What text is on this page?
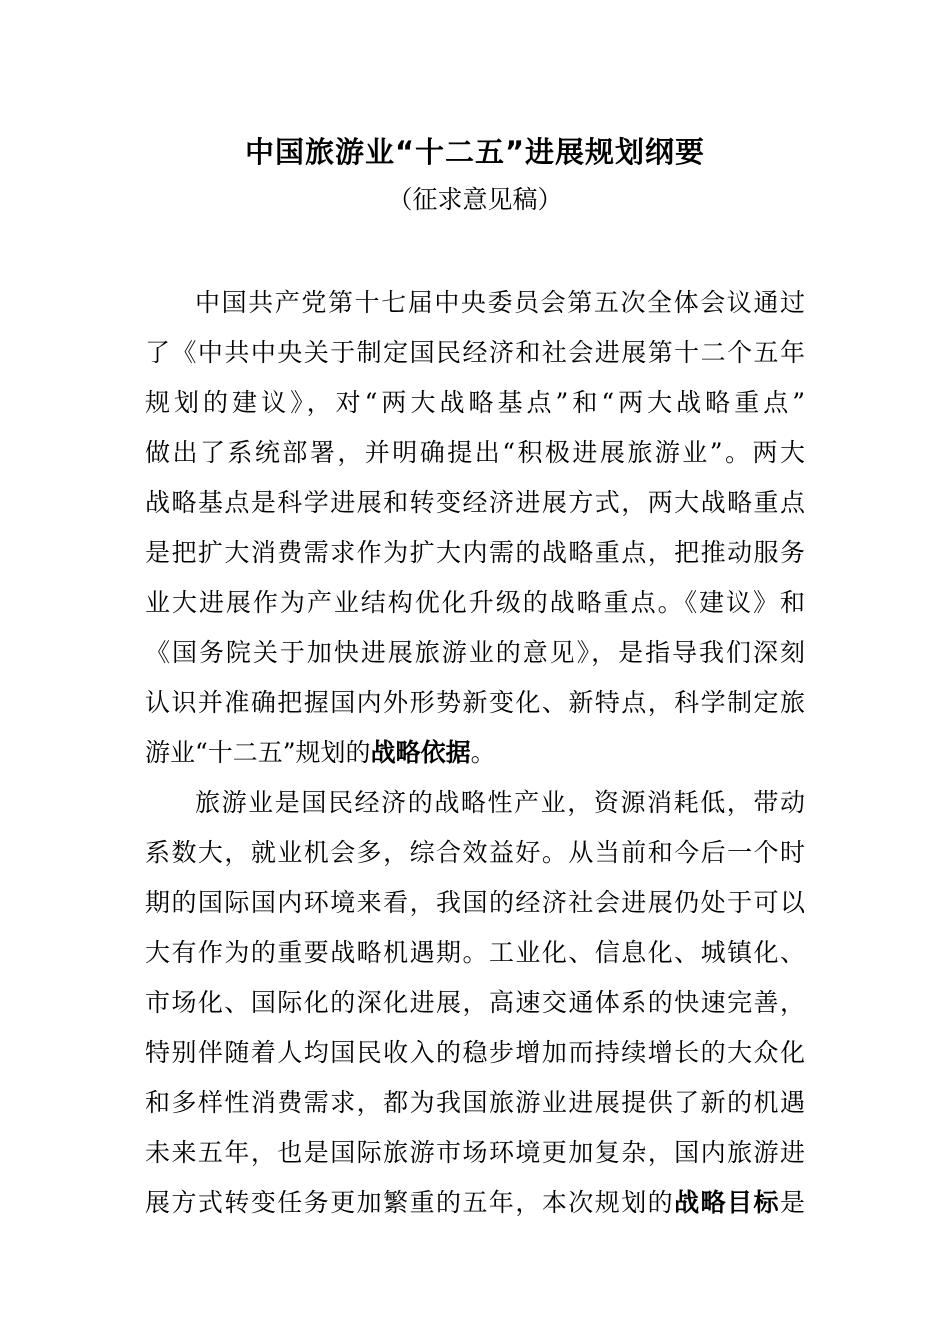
中国旅游业“十二五”进展规划纲要
（征求意见稿）
中国共产党第十七届中央委员会第五次全体会议通过
了《中共中央关于制定国民经济和社会进展第十二个五年
规划的建议》，对“两大战略基点”和“两大战略重点”
做出了系统部署，并明确提出“积极进展旅游业”。两大
战略基点是科学进展和转变经济进展方式，两大战略重点
是把扩大消费需求作为扩大内需的战略重点，把推动服务
业大进展作为产业结构优化升级的战略重点。《建议》和
《国务院关于加快进展旅游业的意见》，是指导我们深刻
认识并准确把握国内外形势新变化、新特点，科学制定旅
游业“十二五”规划的战略依据。
旅游业是国民经济的战略性产业，资源消耗低，带动
系数大，就业机会多，综合效益好。从当前和今后一个时
期的国际国内环境来看，我国的经济社会进展仍处于可以
大有作为的重要战略机遇期。工业化、信息化、城镇化、
市场化、国际化的深化进展，高速交通体系的快速完善，
特别伴随着人均国民收入的稳步增加而持续增长的大众化
和多样性消费需求，都为我国旅游业进展提供了新的机遇
未来五年，也是国际旅游市场环境更加复杂，国内旅游进
展方式转变任务更加繁重的五年，本次规划的战略目标是
